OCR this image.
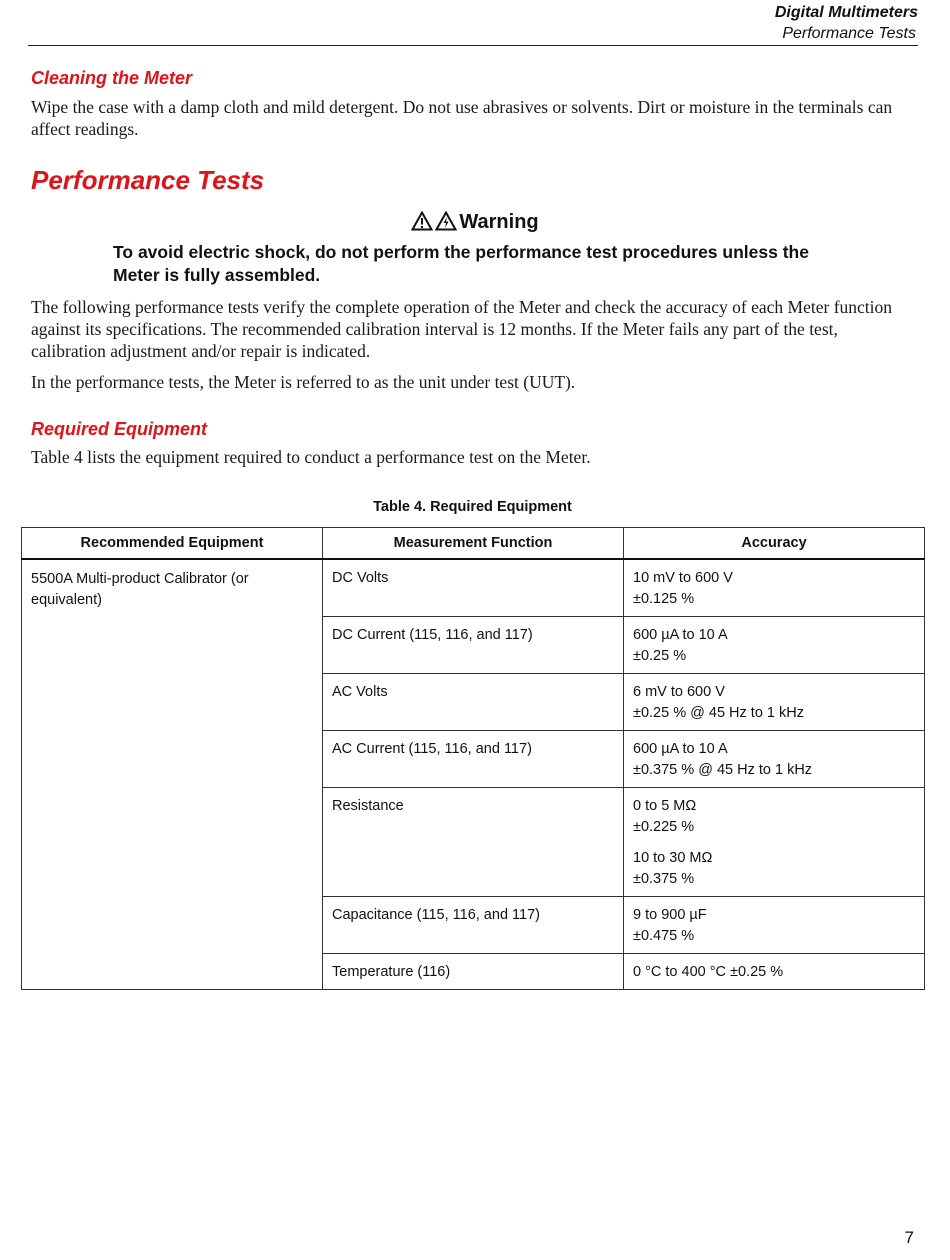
Digital Multimeters
Performance Tests
Cleaning the Meter
Wipe the case with a damp cloth and mild detergent. Do not use abrasives or solvents. Dirt or moisture in the terminals can affect readings.
Performance Tests
Warning
To avoid electric shock, do not perform the performance test procedures unless the Meter is fully assembled.
The following performance tests verify the complete operation of the Meter and check the accuracy of each Meter function against its specifications. The recommended calibration interval is 12 months. If the Meter fails any part of the test, calibration adjustment and/or repair is indicated.
In the performance tests, the Meter is referred to as the unit under test (UUT).
Required Equipment
Table 4 lists the equipment required to conduct a performance test on the Meter.
Table 4. Required Equipment
Recommended Equipment	Measurement Function	Accuracy
5500A Multi-product Calibrator (or equivalent)	DC Volts	10 mV to 600 V
±0.125 %

	DC Current (115, 116, and 117)	600 µA to 10 A
±0.25 %

	AC Volts	6 mV to 600 V
±0.25 % @ 45 Hz to 1 kHz

	AC Current (115, 116, and 117)	600 µA to 10 A
±0.375 % @ 45 Hz to 1 kHz

	Resistance	0 to 5 MΩ
±0.225 %
10 to 30 MΩ
±0.375 %

	Capacitance (115, 116, and 117)	9 to 900 µF
±0.475 %

	Temperature (116)	0 °C to 400 °C ±0.25 %
7
